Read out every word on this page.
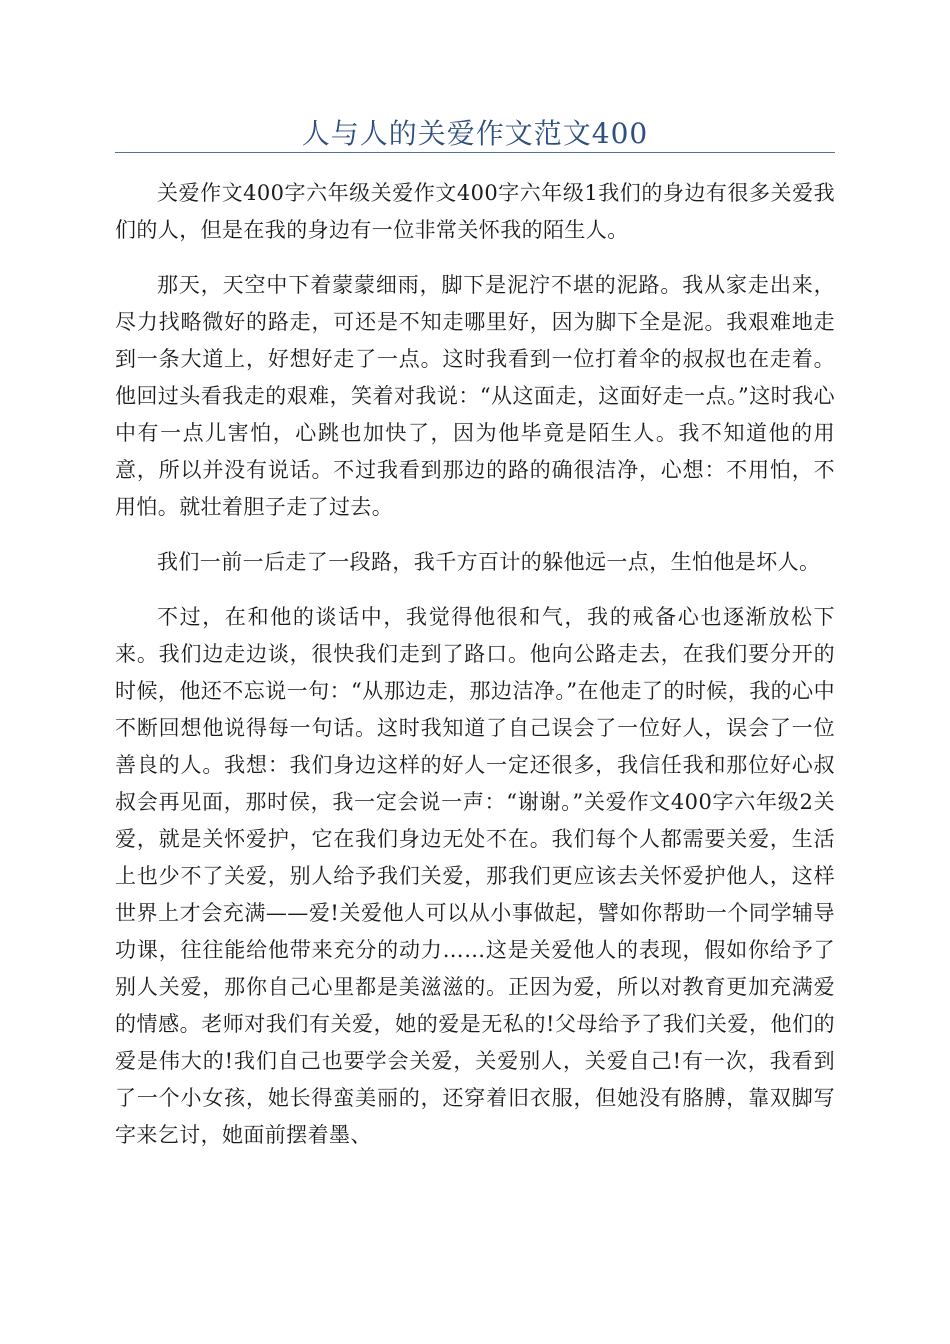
人与人的关爱作文范文400

关爱作文400字六年级关爱作文400字六年级1我们的身边有很多关爱我们的人，但是在我的身边有一位非常关怀我的陌生人。

那天，天空中下着蒙蒙细雨，脚下是泥泞不堪的泥路。我从家走出来，尽力找略微好的路走，可还是不知走哪里好，因为脚下全是泥。我艰难地走到一条大道上，好想好走了一点。这时我看到一位打着伞的叔叔也在走着。他回过头看我走的艰难，笑着对我说：“从这面走，这面好走一点。”这时我心中有一点儿害怕，心跳也加快了，因为他毕竟是陌生人。我不知道他的用意，所以并没有说话。不过我看到那边的路的确很洁净，心想：不用怕，不用怕。就壮着胆子走了过去。

我们一前一后走了一段路，我千方百计的躲他远一点，生怕他是坏人。

不过，在和他的谈话中，我觉得他很和气，我的戒备心也逐渐放松下来。我们边走边谈，很快我们走到了路口。他向公路走去，在我们要分开的时候，他还不忘说一句：“从那边走，那边洁净。”在他走了的时候，我的心中不断回想他说得每一句话。这时我知道了自己误会了一位好人，误会了一位善良的人。我想：我们身边这样的好人一定还很多，我信任我和那位好心叔叔会再见面，那时侯，我一定会说一声：“谢谢。”关爱作文400字六年级2关爱，就是关怀爱护，它在我们身边无处不在。我们每个人都需要关爱，生活上也少不了关爱，别人给予我们关爱，那我们更应该去关怀爱护他人，这样世界上才会充满——爱!关爱他人可以从小事做起，譬如你帮助一个同学辅导功课，往往能给他带来充分的动力……这是关爱他人的表现，假如你给予了别人关爱，那你自己心里都是美滋滋的。正因为爱，所以对教育更加充满爱的情感。老师对我们有关爱，她的爱是无私的!父母给予了我们关爱，他们的爱是伟大的!我们自己也要学会关爱，关爱别人，关爱自己!有一次，我看到了一个小女孩，她长得蛮美丽的，还穿着旧衣服，但她没有胳膊，靠双脚写字来乞讨，她面前摆着墨、
